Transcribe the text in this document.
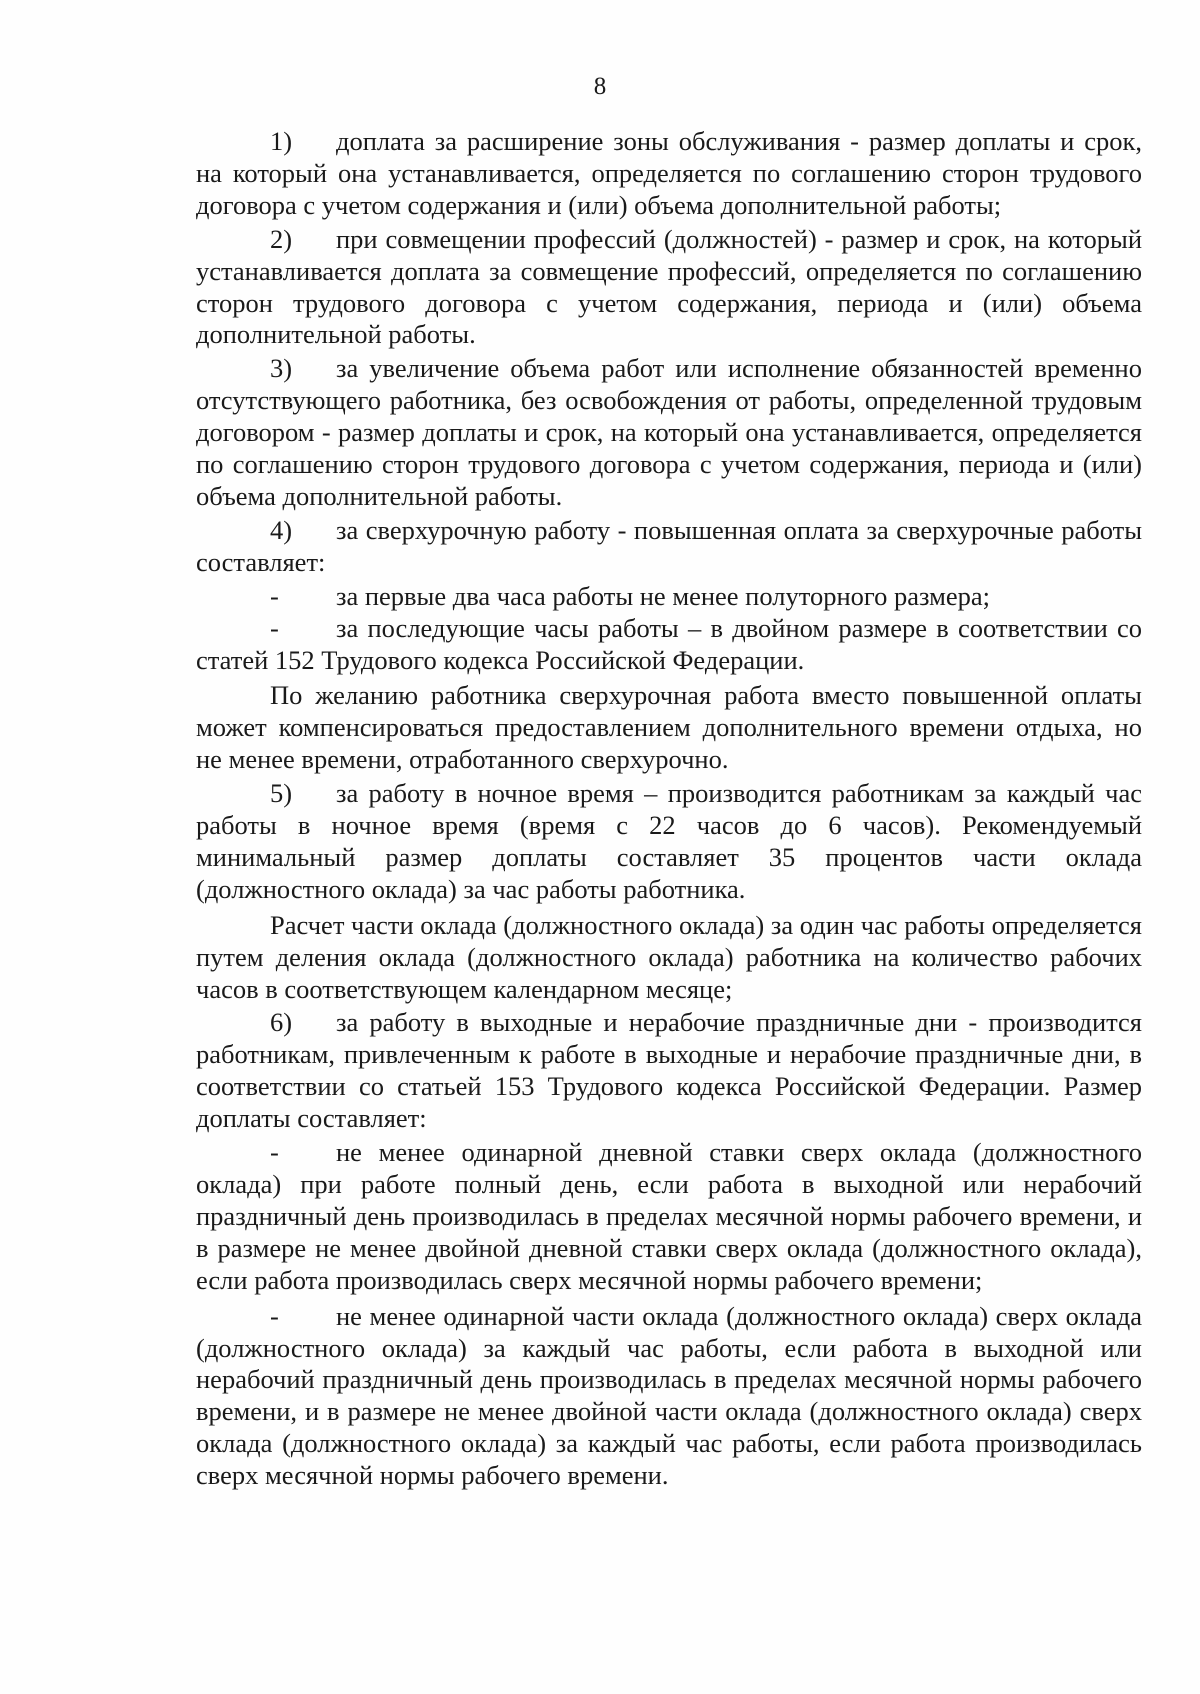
8

1) доплата за расширение зоны обслуживания - размер доплаты и срок, на который она устанавливается, определяется по соглашению сторон трудового договора с учетом содержания и (или) объема дополнительной работы;

2) при совмещении профессий (должностей) - размер и срок, на который устанавливается доплата за совмещение профессий, определяется по соглашению сторон трудового договора с учетом содержания, периода и (или) объема дополнительной работы.

3) за увеличение объема работ или исполнение обязанностей временно отсутствующего работника, без освобождения от работы, определенной трудовым договором - размер доплаты и срок, на который она устанавливается, определяется по соглашению сторон трудового договора с учетом содержания, периода и (или) объема дополнительной работы.

4) за сверхурочную работу - повышенная оплата за сверхурочные работы составляет:

- за первые два часа работы не менее полуторного размера;

- за последующие часы работы – в двойном размере в соответствии со статей 152 Трудового кодекса Российской Федерации.

По желанию работника сверхурочная работа вместо повышенной оплаты может компенсироваться предоставлением дополнительного времени отдыха, но не менее времени, отработанного сверхурочно.

5) за работу в ночное время – производится работникам за каждый час работы в ночное время (время с 22 часов до 6 часов). Рекомендуемый минимальный размер доплаты составляет 35 процентов части оклада (должностного оклада) за час работы работника.

Расчет части оклада (должностного оклада) за один час работы определяется путем деления оклада (должностного оклада) работника на количество рабочих часов в соответствующем календарном месяце;

6) за работу в выходные и нерабочие праздничные дни - производится работникам, привлеченным к работе в выходные и нерабочие праздничные дни, в соответствии со статьей 153 Трудового кодекса Российской Федерации. Размер доплаты составляет:

- не менее одинарной дневной ставки сверх оклада (должностного оклада) при работе полный день, если работа в выходной или нерабочий праздничный день производилась в пределах месячной нормы рабочего времени, и в размере не менее двойной дневной ставки сверх оклада (должностного оклада), если работа производилась сверх месячной нормы рабочего времени;

- не менее одинарной части оклада (должностного оклада) сверх оклада (должностного оклада) за каждый час работы, если работа в выходной или нерабочий праздничный день производилась в пределах месячной нормы рабочего времени, и в размере не менее двойной части оклада (должностного оклада) сверх оклада (должностного оклада) за каждый час работы, если работа производилась сверх месячной нормы рабочего времени.
